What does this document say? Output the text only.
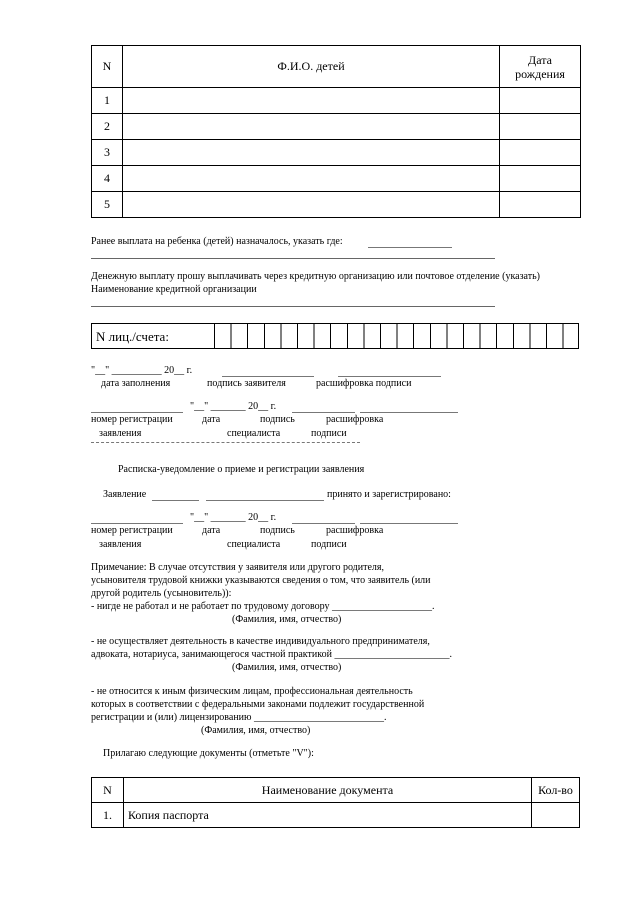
N	Ф.И.О. детей	Дата
рождения

1		
2		
3		
4		
5		
Ранее выплата на ребенка (детей) назначалось, указать где:
Денежную выплату прошу выплачивать через кредитную организацию или почтовое отделение (указать)
Наименование кредитной организации
N лиц./счета:
"__" __________ 20__ г.
дата заполнения	подпись заявителя	расшифровка подписи
"__" _______ 20__ г.
номер регистрации	дата	подпись	расшифровка
заявления	специалиста	подписи
Расписка-уведомление о приеме и регистрации заявления
Заявление	принято и зарегистрировано:
"__" _______ 20__ г.
номер регистрации	дата	подпись	расшифровка
заявления	специалиста	подписи
Примечание: В случае отсутствия у заявителя или другого родителя,
усыновителя трудовой книжки указываются сведения о том, что заявитель (или
другой родитель (усыновитель)):
- нигде не работал и не работает по трудовому договору ____________________.
(Фамилия, имя, отчество)
- не осуществляет деятельность в качестве индивидуального предпринимателя,
адвоката, нотариуса, занимающегося частной практикой _______________________.
(Фамилия, имя, отчество)
- не относится к иным физическим лицам, профессиональная деятельность
которых в соответствии с федеральными законами подлежит государственной
регистрации и (или) лицензированию __________________________.
(Фамилия, имя, отчество)
Прилагаю следующие документы (отметьте "V"):
N	Наименование документа	Кол-во
1.	Копия паспорта	
